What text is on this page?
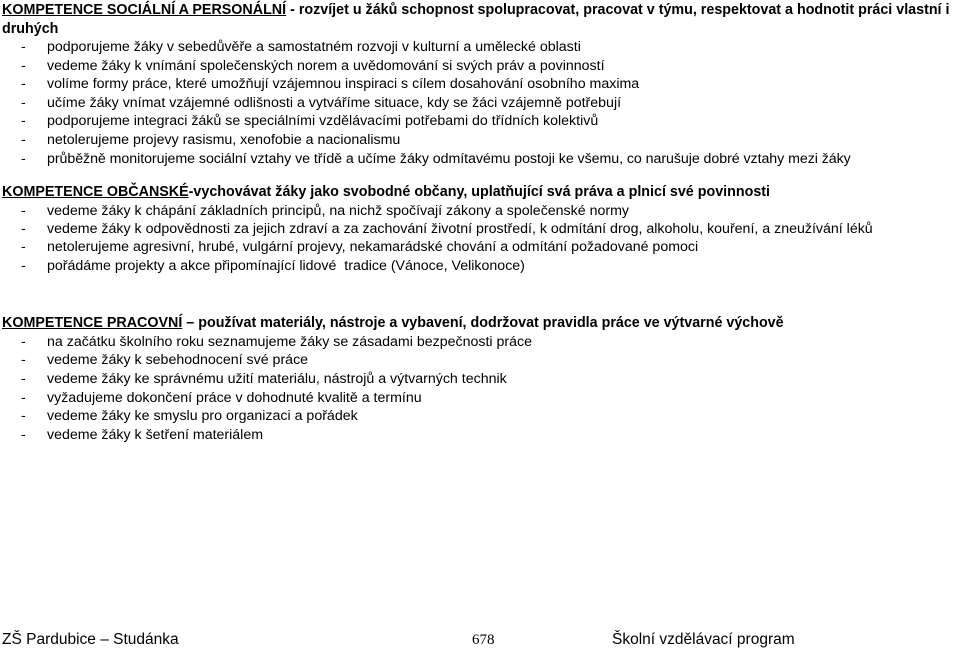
KOMPETENCE SOCIÁLNÍ A PERSONÁLNÍ - rozvíjet u žáků schopnost spolupracovat, pracovat v týmu, respektovat a hodnotit práci vlastní i druhých
- podporujeme žáky v sebedůvěře a samostatném rozvoji v kulturní a umělecké oblasti
- vedeme žáky k vnímání společenských norem a uvědomování si svých práv a povinností
- volíme formy práce, které umožňují vzájemnou inspiraci s cílem dosahování osobního maxima
- učíme žáky vnímat vzájemné odlišnosti a vytváříme situace, kdy se žáci vzájemně potřebují
- podporujeme integraci žáků se speciálními vzdělávacími potřebami do třídních kolektivů
- netolerujeme projevy rasismu, xenofobie a nacionalismu
- průběžně monitorujeme sociální vztahy ve třídě a učíme žáky odmítavému postoji ke všemu, co narušuje dobré vztahy mezi žáky
KOMPETENCE OBČANSKÉ-vychovávat žáky jako svobodné občany, uplatňující svá práva a plnicí své povinnosti
- vedeme žáky k chápání základních principů, na nichž spočívají zákony a společenské normy
- vedeme žáky k odpovědnosti za jejich zdraví a za zachování životní prostředí, k odmítání drog, alkoholu, kouření, a zneužívání léků
- netolerujeme agresivní, hrubé, vulgární projevy, nekamarádské chování a odmítání požadované pomoci
- pořádáme projekty a akce připomínající lidové  tradice (Vánoce, Velikonoce)
KOMPETENCE PRACOVNÍ – používat materiály, nástroje a vybavení, dodržovat pravidla práce ve výtvarné výchově
- na začátku školního roku seznamujeme žáky se zásadami bezpečnosti práce
- vedeme žáky k sebehodnocení své práce
- vedeme žáky ke správnému užití materiálu, nástrojů a výtvarných technik
- vyžadujeme dokončení práce v dohodnuté kvalitě a termínu
- vedeme žáky ke smyslu pro organizaci a pořádek
- vedeme žáky k šetření materiálem
ZŠ Pardubice – Studánka	678	Školní vzdělávací program
